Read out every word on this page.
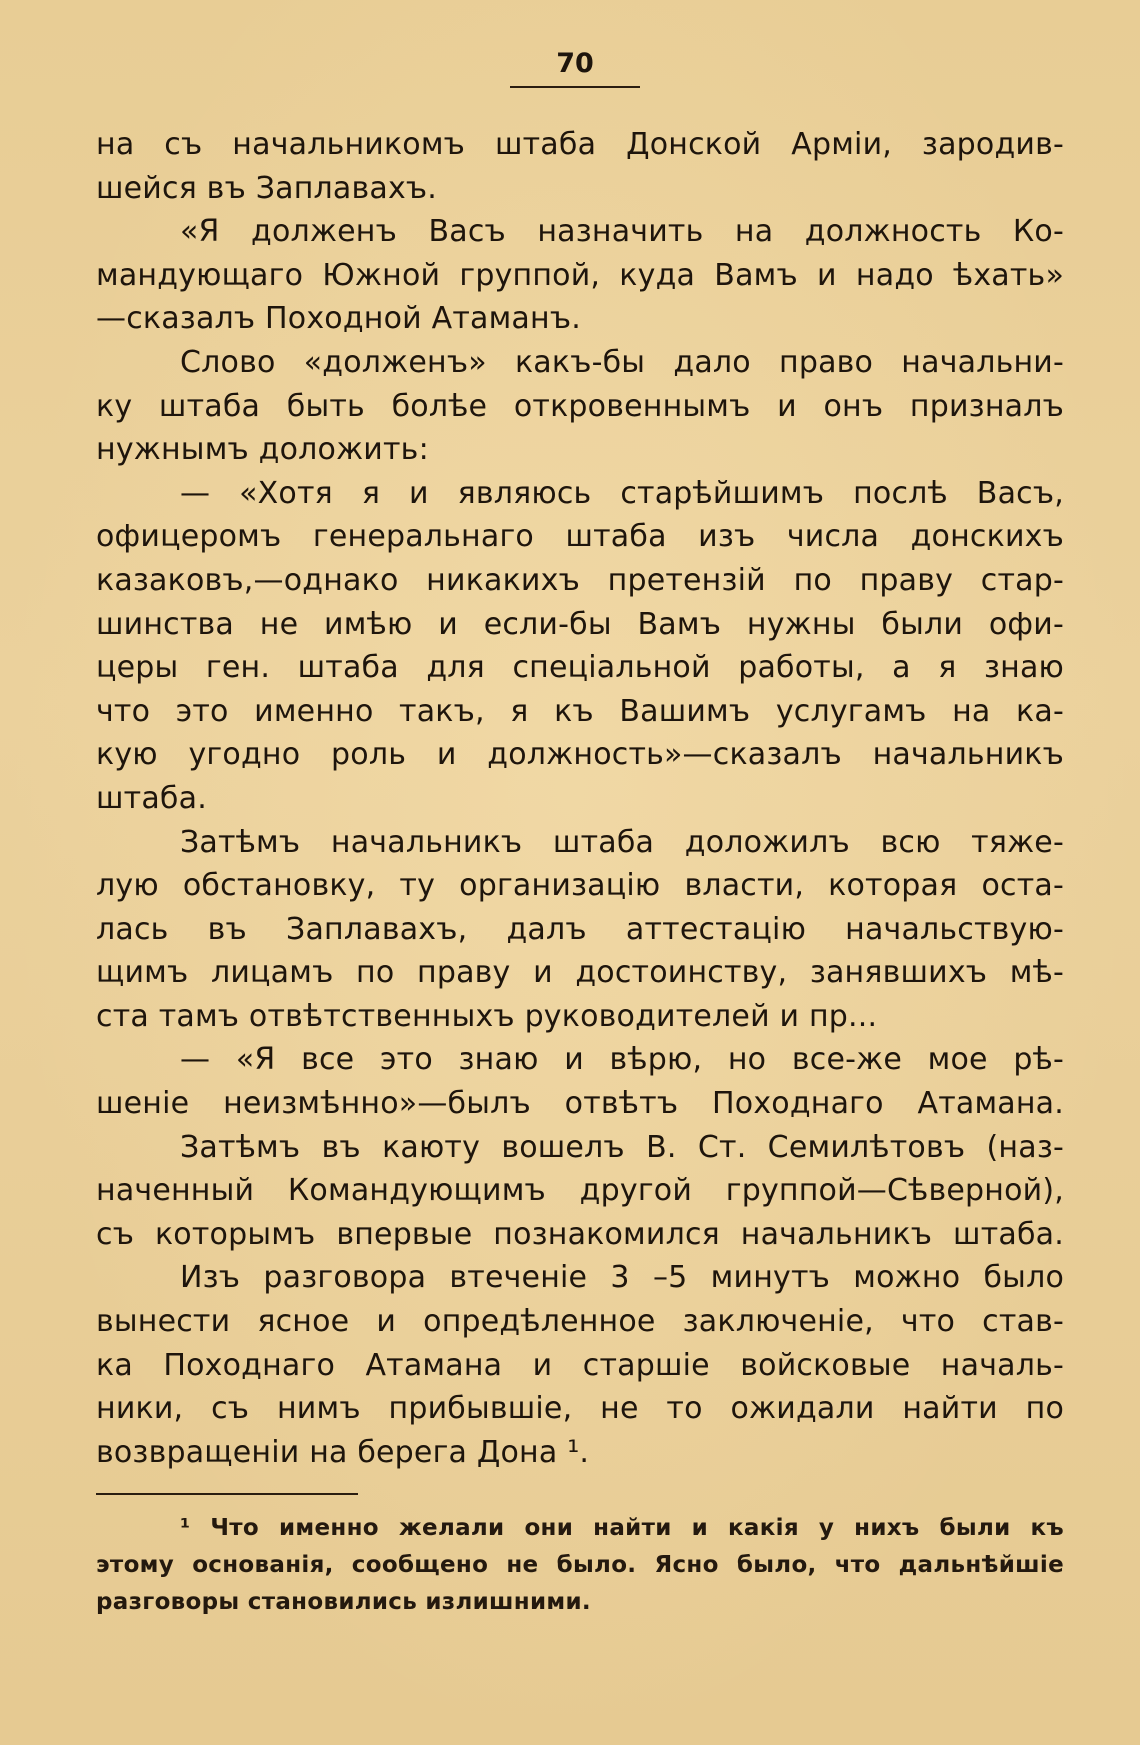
70
на съ начальникомъ штаба Донской Арміи, зародив-
шейся въ Заплавахъ.
«Я долженъ Васъ назначить на должность Ко-
мандующаго Южной группой, куда Вамъ и надо ѣхать»
—сказалъ Походной Атаманъ.
Слово «долженъ» какъ-бы дало право начальни-
ку штаба быть болѣе откровеннымъ и онъ призналъ
нужнымъ доложить:
— «Хотя я и являюсь старѣйшимъ послѣ Васъ,
офицеромъ генеральнаго штаба изъ числа донскихъ
казаковъ,—однако никакихъ претензій по праву стар-
шинства не имѣю и если-бы Вамъ нужны были офи-
церы ген. штаба для спеціальной работы, а я знаю
что это именно такъ, я къ Вашимъ услугамъ на ка-
кую угодно роль и должность»—сказалъ начальникъ
штаба.
Затѣмъ начальникъ штаба доложилъ всю тяже-
лую обстановку, ту организацію власти, которая оста-
лась въ Заплавахъ, далъ аттестацію начальствую-
щимъ лицамъ по праву и достоинству, занявшихъ мѣ-
ста тамъ отвѣтственныхъ руководителей и пр...
— «Я все это знаю и вѣрю, но все-же мое рѣ-
шеніе неизмѣнно»—былъ отвѣтъ Походнаго Атамана.
Затѣмъ въ каюту вошелъ В. Ст. Семилѣтовъ (наз-
наченный Командующимъ другой группой—Сѣверной),
съ которымъ впервые познакомился начальникъ штаба.
Изъ разговора втеченіе 3 –5 минутъ можно было
вынести ясное и опредѣленное заключеніе, что став-
ка Походнаго Атамана и старшіе войсковые началь-
ники, съ нимъ прибывшіе, не то ожидали найти по
возвращеніи на берега Дона ¹.
¹ Что именно желали они найти и какія у нихъ были къ
этому основанія, сообщено не было. Ясно было, что дальнѣйшіе
разговоры становились излишними.
